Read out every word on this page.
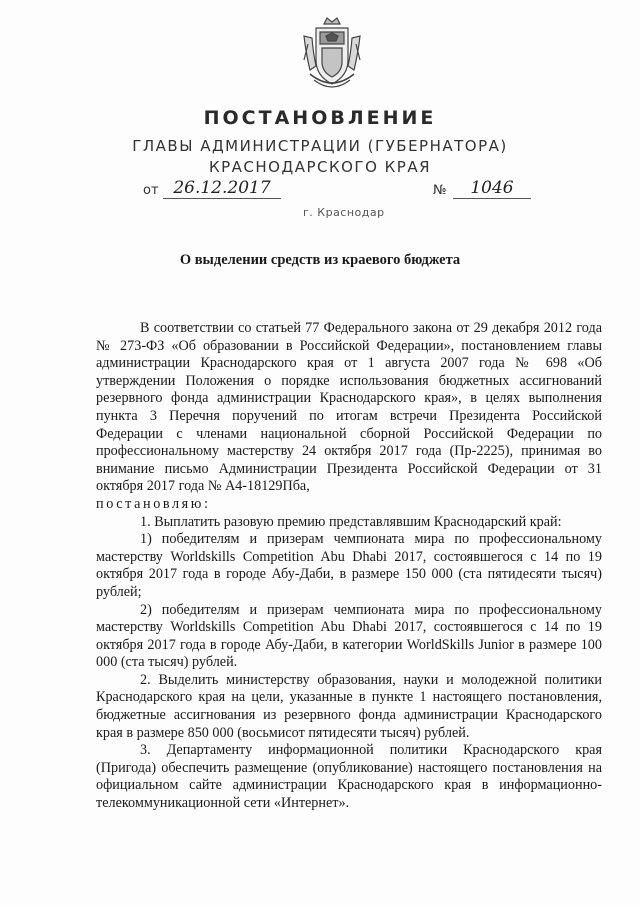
ПОСТАНОВЛЕНИЕ
ГЛАВЫ АДМИНИСТРАЦИИ (ГУБЕРНАТОРА)
КРАСНОДАРСКОГО КРАЯ
от 26.12.2017	№	1046
г. Краснодар
О выделении средств из краевого бюджета

В соответствии со статьей 77 Федерального закона от 29 декабря 2012 года № 273-ФЗ «Об образовании в Российской Федерации», постановлением главы администрации Краснодарского края от 1 августа 2007 года № 698 «Об утверждении Положения о порядке использования бюджетных ассигнований резервного фонда администрации Краснодарского края», в целях выполнения пункта 3 Перечня поручений по итогам встречи Президента Российской Федерации с членами национальной сборной Российской Федерации по профессиональному мастерству 24 октября 2017 года (Пр-2225), принимая во внимание письмо Администрации Президента Российской Федерации от 31 октября 2017 года № А4-18129Пба,

постановляю:

1. Выплатить разовую премию представлявшим Краснодарский край:

1) победителям и призерам чемпионата мира по профессиональному мастерству Worldskills Competition Abu Dhabi 2017, состоявшегося с 14 по 19 октября 2017 года в городе Абу-Даби, в размере 150 000 (ста пятидесяти тысяч) рублей;

2) победителям и призерам чемпионата мира по профессиональному мастерству Worldskills Competition Abu Dhabi 2017, состоявшегося с 14 по 19 октября 2017 года в городе Абу-Даби, в категории WorldSkills Junior в размере 100 000 (ста тысяч) рублей.

2. Выделить министерству образования, науки и молодежной политики Краснодарского края на цели, указанные в пункте 1 настоящего постановления, бюджетные ассигнования из резервного фонда администрации Краснодарского края в размере 850 000 (восьмисот пятидесяти тысяч) рублей.

3. Департаменту информационной политики Краснодарского края (Пригода) обеспечить размещение (опубликование) настоящего постановления на официальном сайте администрации Краснодарского края в информационно-телекоммуникационной сети «Интернет».
